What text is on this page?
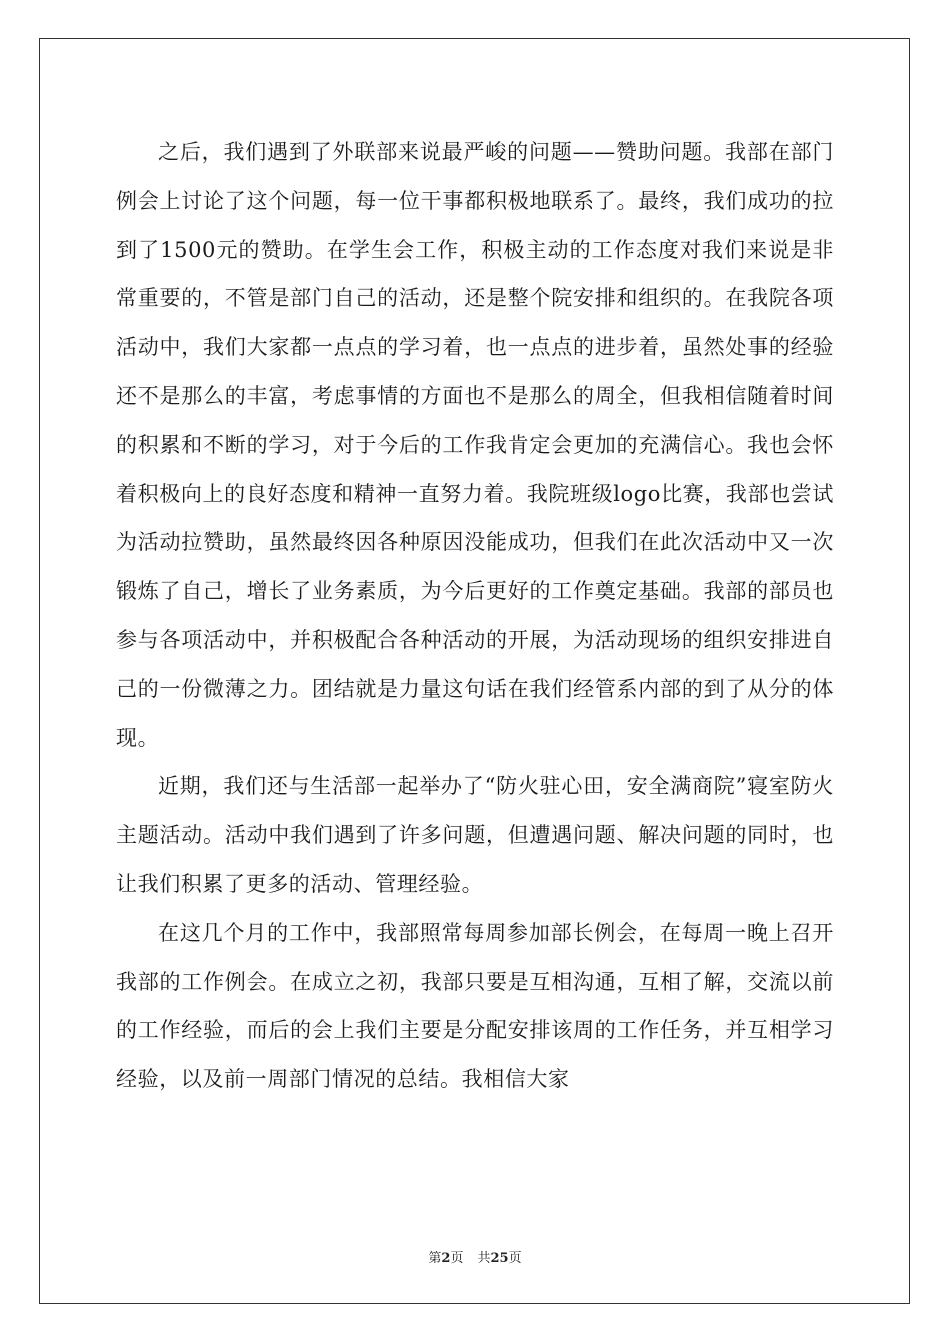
之后，我们遇到了外联部来说最严峻的问题——赞助问题。我部在部门例会上讨论了这个问题，每一位干事都积极地联系了。最终，我们成功的拉到了1500元的赞助。在学生会工作，积极主动的工作态度对我们来说是非常重要的，不管是部门自己的活动，还是整个院安排和组织的。在我院各项活动中，我们大家都一点点的学习着，也一点点的进步着，虽然处事的经验还不是那么的丰富，考虑事情的方面也不是那么的周全，但我相信随着时间的积累和不断的学习，对于今后的工作我肯定会更加的充满信心。我也会怀着积极向上的良好态度和精神一直努力着。我院班级logo比赛，我部也尝试为活动拉赞助，虽然最终因各种原因没能成功，但我们在此次活动中又一次锻炼了自己，增长了业务素质，为今后更好的工作奠定基础。我部的部员也参与各项活动中，并积极配合各种活动的开展，为活动现场的组织安排进自己的一份微薄之力。团结就是力量这句话在我们经管系内部的到了从分的体现。

近期，我们还与生活部一起举办了“防火驻心田，安全满商院”寝室防火主题活动。活动中我们遇到了许多问题，但遭遇问题、解决问题的同时，也让我们积累了更多的活动、管理经验。

在这几个月的工作中，我部照常每周参加部长例会，在每周一晚上召开我部的工作例会。在成立之初，我部只要是互相沟通，互相了解，交流以前的工作经验，而后的会上我们主要是分配安排该周的工作任务，并互相学习经验，以及前一周部门情况的总结。我相信大家

第2页 共25页
